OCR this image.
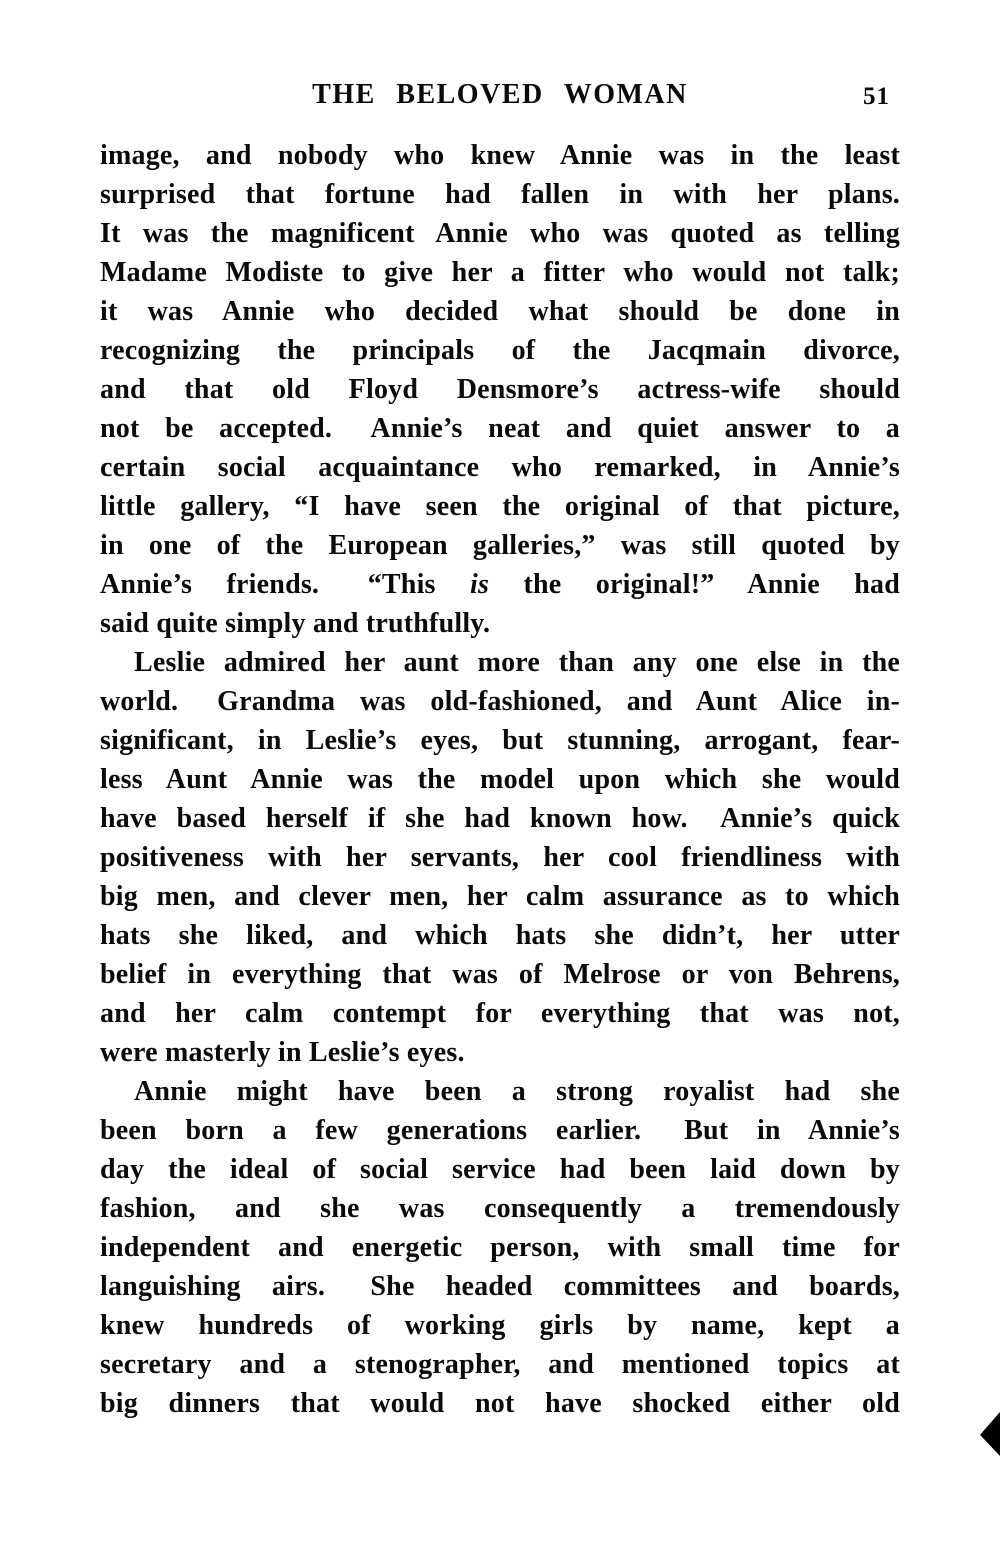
THE BELOVED WOMAN	51
image, and nobody who knew Annie was in the least
surprised that fortune had fallen in with her plans.
It was the magnificent Annie who was quoted as telling
Madame Modiste to give her a fitter who would not talk;
it was Annie who decided what should be done in
recognizing the principals of the Jacqmain divorce,
and that old Floyd Densmore’s actress-wife should
not be accepted.  Annie’s neat and quiet answer to a
certain social acquaintance who remarked, in Annie’s
little gallery, “I have seen the original of that picture,
in one of the European galleries,” was still quoted by
Annie’s friends.  “This is the original!” Annie had
said quite simply and truthfully.
Leslie admired her aunt more than any one else in the
world.  Grandma was old-fashioned, and Aunt Alice in-
significant, in Leslie’s eyes, but stunning, arrogant, fear-
less Aunt Annie was the model upon which she would
have based herself if she had known how.  Annie’s quick
positiveness with her servants, her cool friendliness with
big men, and clever men, her calm assurance as to which
hats she liked, and which hats she didn’t, her utter
belief in everything that was of Melrose or von Behrens,
and her calm contempt for everything that was not,
were masterly in Leslie’s eyes.
Annie might have been a strong royalist had she
been born a few generations earlier.  But in Annie’s
day the ideal of social service had been laid down by
fashion, and she was consequently a tremendously
independent and energetic person, with small time for
languishing airs.  She headed committees and boards,
knew hundreds of working girls by name, kept a
secretary and a stenographer, and mentioned topics at
big dinners that would not have shocked either old
